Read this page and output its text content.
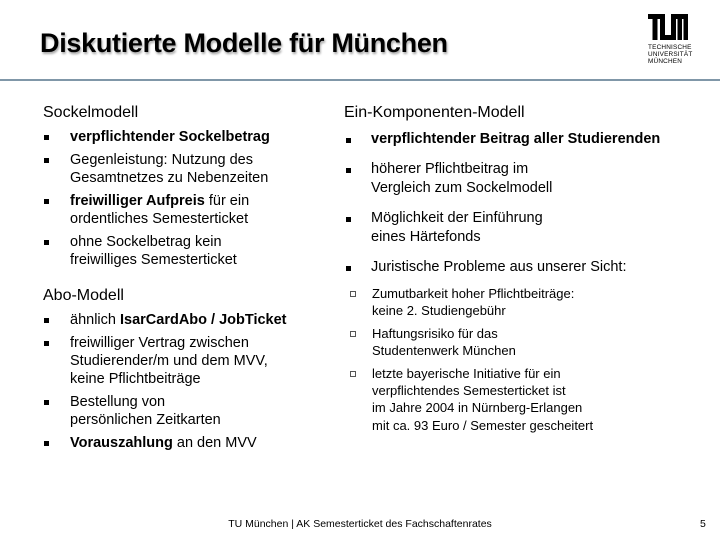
Diskutierte Modelle für München	TECHNISCHE
UNIVERSITÄT
MÜNCHEN
Sockelmodell
verpflichtender Sockelbetrag
Gegenleistung: Nutzung des
Gesamtnetzes zu Nebenzeiten
freiwilliger Aufpreis für ein
ordentliches Semesterticket
ohne Sockelbetrag kein
freiwilliges Semesterticket
Abo-Modell
ähnlich IsarCardAbo / JobTicket
freiwilliger Vertrag zwischen
Studierender/m und dem MVV,
keine Pflichtbeiträge
Bestellung von
persönlichen Zeitkarten
Vorauszahlung an den MVV
Ein-Komponenten-Modell
verpflichtender Beitrag aller Studierenden
höherer Pflichtbeitrag im
Vergleich zum Sockelmodell
Möglichkeit der Einführung
eines Härtefonds
Juristische Probleme aus unserer Sicht:
Zumutbarkeit hoher Pflichtbeiträge:
keine 2. Studiengebühr
Haftungsrisiko für das
Studentenwerk München
letzte bayerische Initiative für ein
verpflichtendes Semesterticket ist
im Jahre 2004 in Nürnberg-Erlangen
mit ca. 93 Euro / Semester gescheitert
TU München | AK Semesterticket des Fachschaftenrates	5
